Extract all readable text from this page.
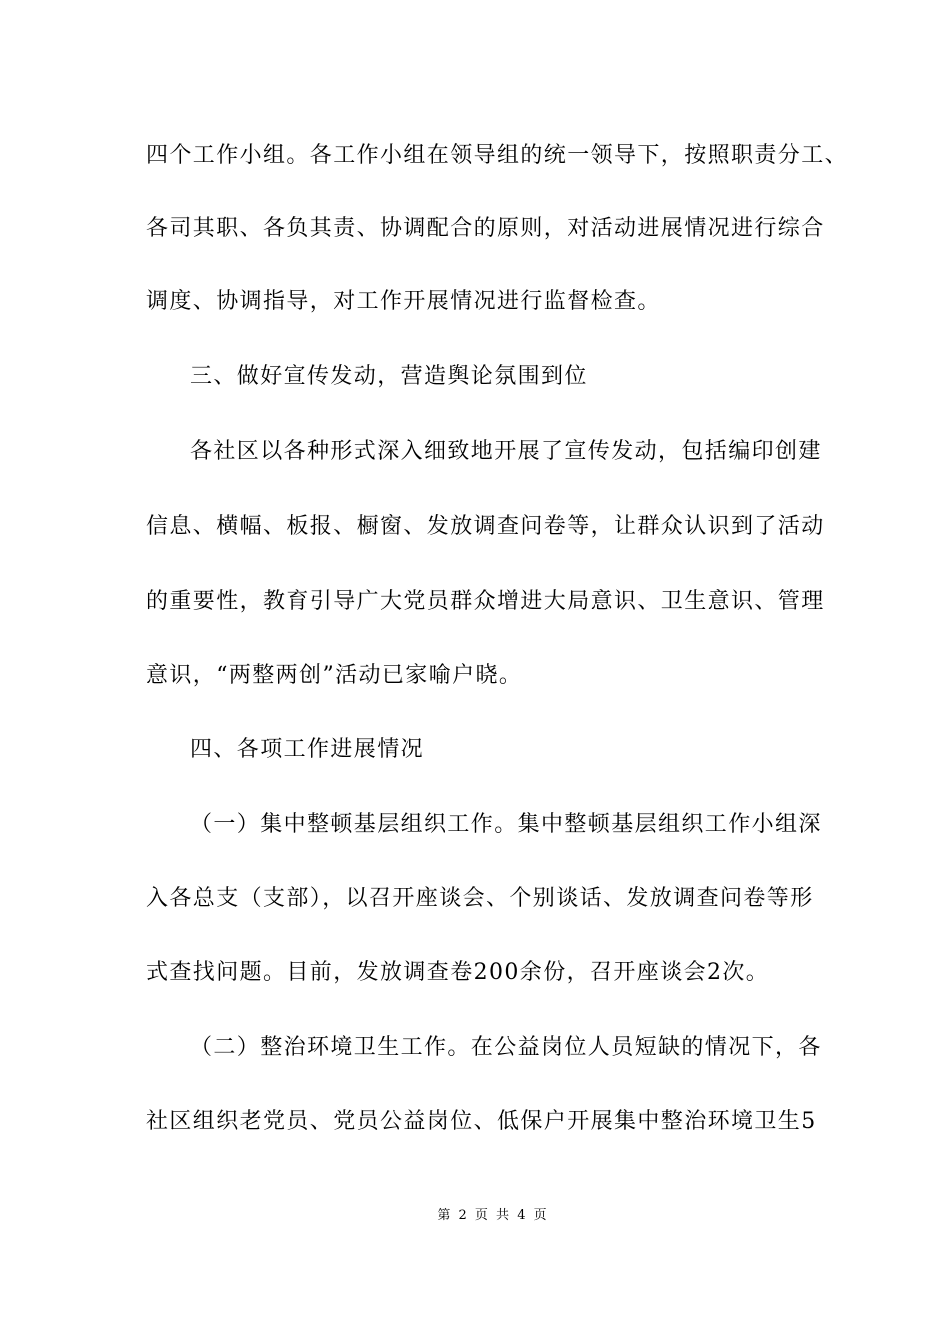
四个工作小组。各工作小组在领导组的统一领导下，按照职责分工、
各司其职、各负其责、协调配合的原则，对活动进展情况进行综合
调度、协调指导，对工作开展情况进行监督检查。
三、做好宣传发动，营造舆论氛围到位
各社区以各种形式深入细致地开展了宣传发动，包括编印创建
信息、横幅、板报、橱窗、发放调查问卷等，让群众认识到了活动
的重要性，教育引导广大党员群众增进大局意识、卫生意识、管理
意识，“两整两创”活动已家喻户晓。
四、各项工作进展情况
（一）集中整顿基层组织工作。集中整顿基层组织工作小组深
入各总支（支部），以召开座谈会、个别谈话、发放调查问卷等形
式查找问题。目前，发放调查卷200余份，召开座谈会2次。
（二）整治环境卫生工作。在公益岗位人员短缺的情况下，各
社区组织老党员、党员公益岗位、低保户开展集中整治环境卫生5
第 2 页 共 4 页
